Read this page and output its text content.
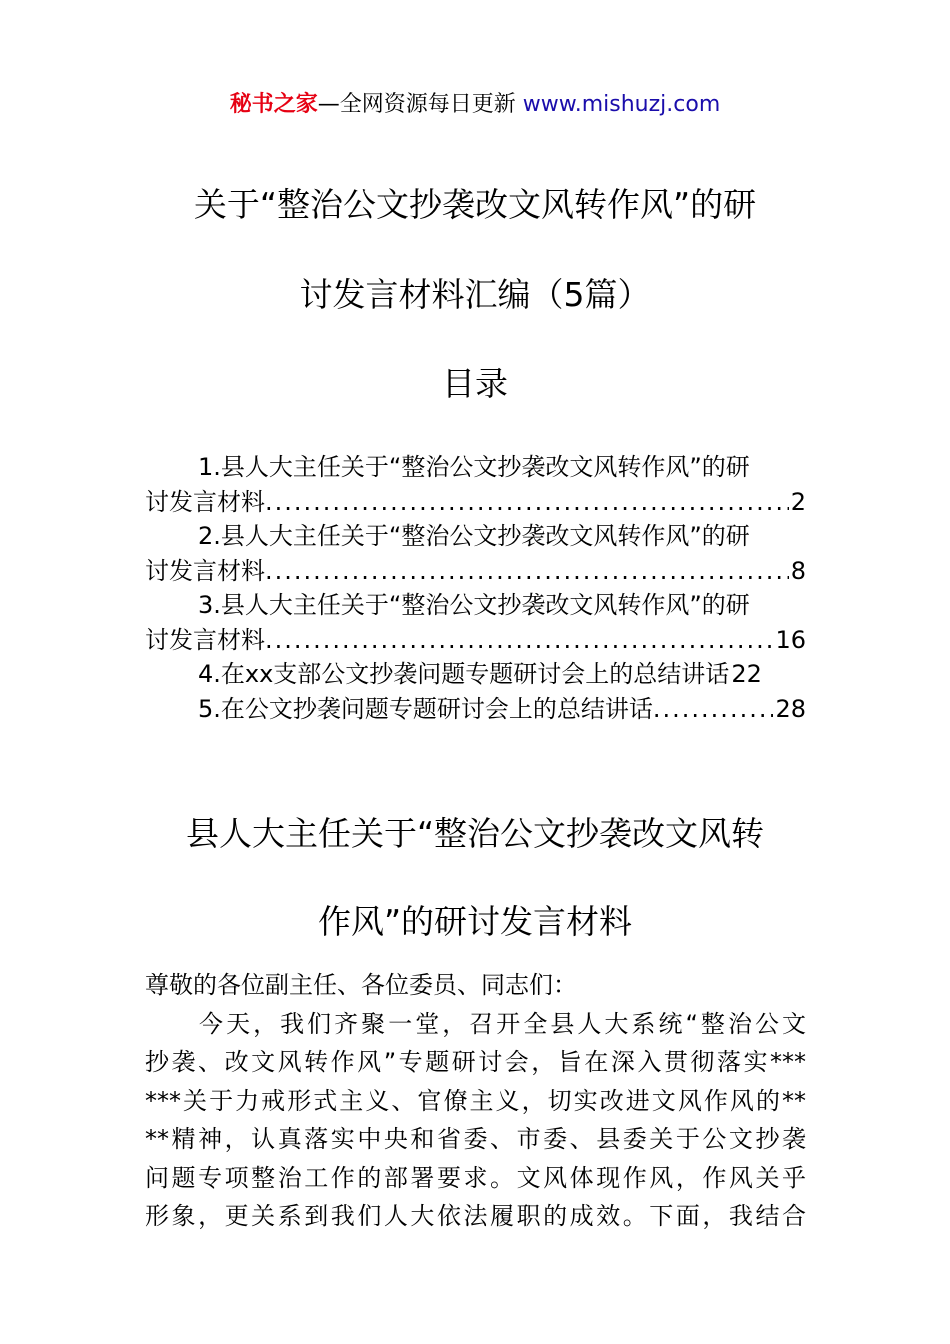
秘书之家—全网资源每日更新 www.mishuzj.com
关于“整治公文抄袭改文风转作风”的研
讨发言材料汇编（5篇）
目录
1.县人大主任关于“整治公文抄袭改文风转作风”的研
讨发言材料 .....	2
2.县人大主任关于“整治公文抄袭改文风转作风”的研
讨发言材料 .....	8
3.县人大主任关于“整治公文抄袭改文风转作风”的研
讨发言材料 .....	16
4.在xx支部公文抄袭问题专题研讨会上的总结讲话 22
5.在公文抄袭问题专题研讨会上的总结讲话 .....	28
县人大主任关于“整治公文抄袭改文风转
作风”的研讨发言材料
尊敬的各位副主任、各位委员、同志们：
　　今天，我们齐聚一堂，召开全县人大系统“整治公文
抄袭、改文风转作风”专题研讨会，旨在深入贯彻落实***
***关于力戒形式主义、官僚主义，切实改进文风作风的**
**精神，认真落实中央和省委、市委、县委关于公文抄袭
问题专项整治工作的部署要求。文风体现作风，作风关乎
形象，更关系到我们人大依法履职的成效。下面，我结合
